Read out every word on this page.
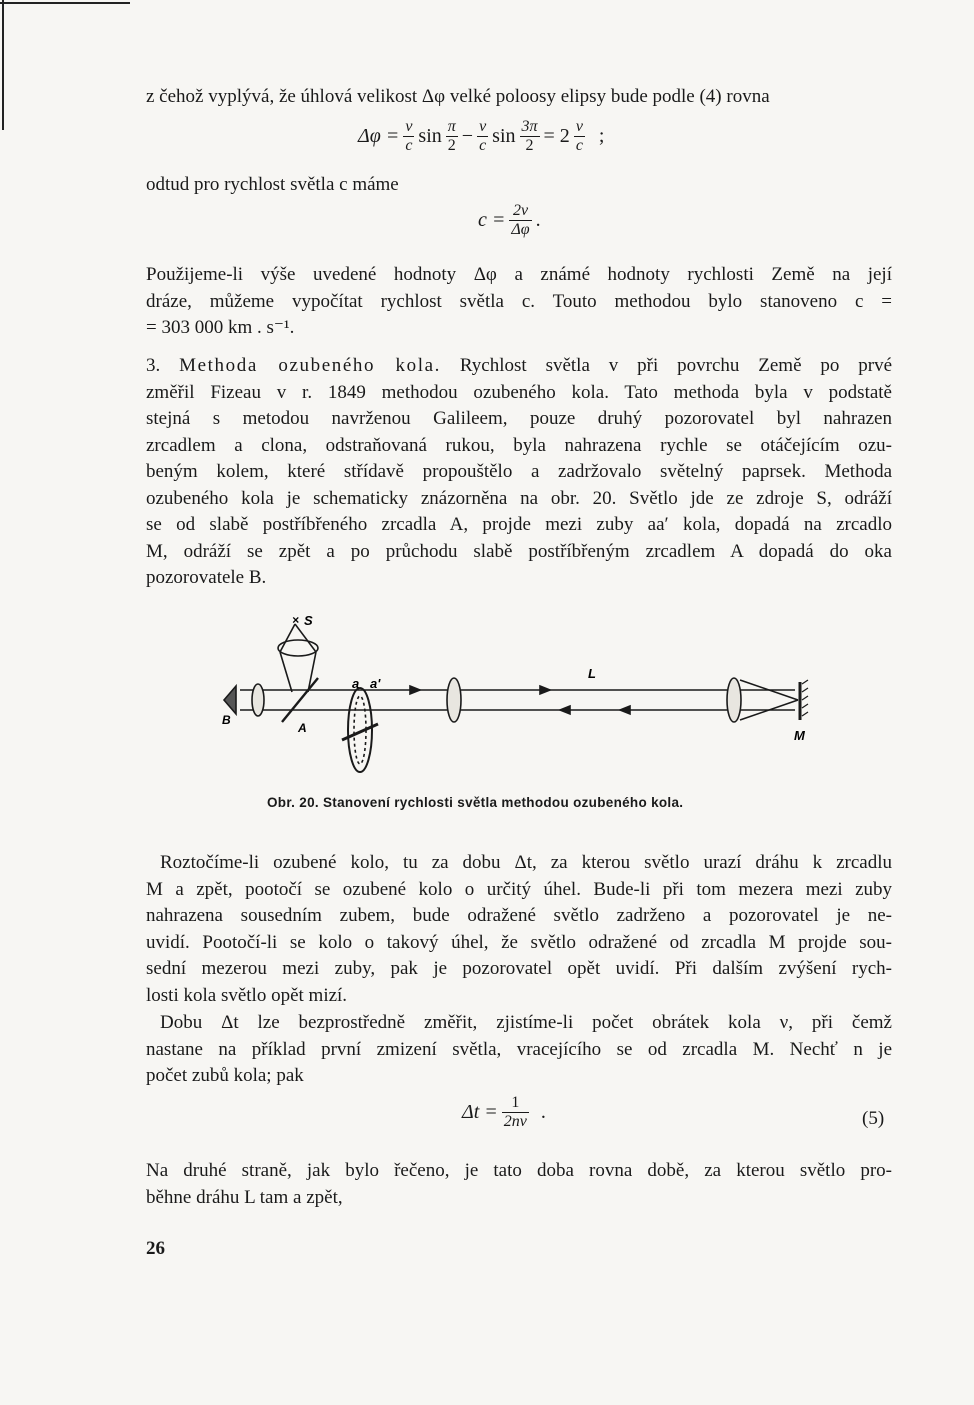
z čehož vyplývá, že úhlová velikost Δφ velké poloosy elipsy bude podle (4) rovna

$\Delta\varphi = \frac{v}{c}$ $\sin \frac{\pi}{2} - \frac{v}{c}$ $\sin \frac{3\pi}{2} = 2 \frac{v}{c}$ ;

odtud pro rychlost světla c máme

$c = \frac{2v}{\Delta\varphi}$ .

Použijeme-li výše uvedené hodnoty Δφ a známé hodnoty rychlosti Země na její
dráze, můžeme vypočítat rychlost světla c. Touto methodou bylo stanoveno c =
= 303 000 km . s⁻¹.

3. Methoda ozubeného kola. Rychlost světla v při povrchu Země po prvé
změřil Fizeau v r. 1849 methodou ozubeného kola. Tato methoda byla v podstatě
stejná s metodou navrženou Galileem, pouze druhý pozorovatel byl nahrazen
zrcadlem a clona, odstraňovaná rukou, byla nahrazena rychle se otáčejícím ozu-
beným kolem, které střídavě propouštělo a zadržovalo světelný paprsek. Methoda
ozubeného kola je schematicky znázorněna na obr. 20. Světlo jde ze zdroje S, odráží
se od slabě postříbřeného zrcadla A, projde mezi zuby aa′ kola, dopadá na zrcadlo
M, odráží se zpět a po průchodu slabě postříbřeným zrcadlem A dopadá do oka
pozorovatele B.

× S
a a'
L
B
A	M
Obr. 20. Stanovení rychlosti světla methodou ozubeného kola.

Roztočíme-li ozubené kolo, tu za dobu Δt, za kterou světlo urazí dráhu k zrcadlu
M a zpět, pootočí se ozubené kolo o určitý úhel. Bude-li při tom mezera mezi zuby
nahrazena sousedním zubem, bude odražené světlo zadrženo a pozorovatel je ne-
uvidí. Pootočí-li se kolo o takový úhel, že světlo odražené od zrcadla M projde sou-
sední mezerou mezi zuby, pak je pozorovatel opět uvidí. Při dalším zvýšení rych-
losti kola světlo opět mizí.

Dobu Δt lze bezprostředně změřit, zjistíme-li počet obrátek kola ν, při čemž
nastane na příklad první zmizení světla, vracejícího se od zrcadla M. Nechť n je
počet zubů kola; pak

$\Delta t = \frac{1}{2n\nu}$ .	(5)

Na druhé straně, jak bylo řečeno, je tato doba rovna době, za kterou světlo pro-
běhne dráhu L tam a zpět,

26
